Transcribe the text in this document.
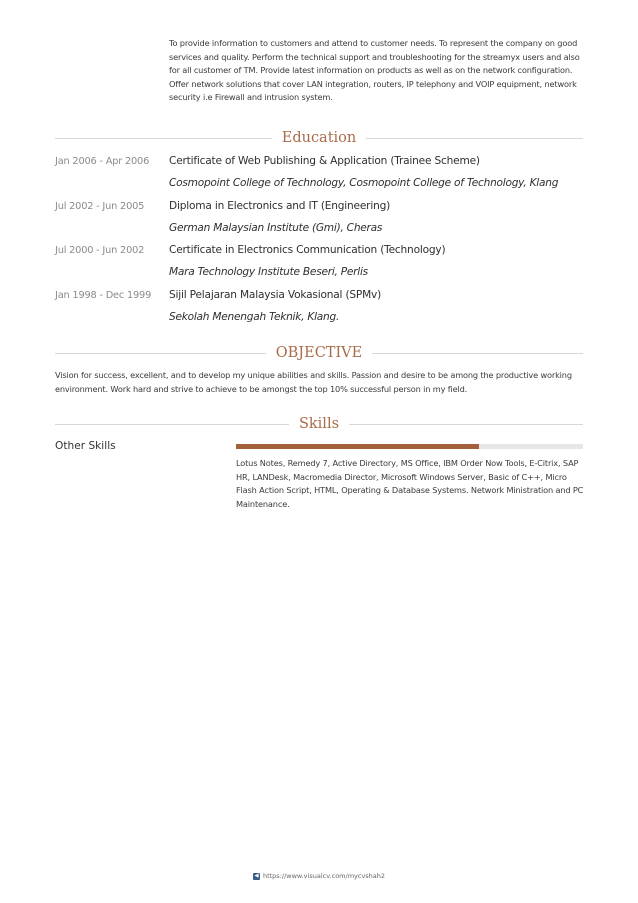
To provide information to customers and attend to customer needs. To represent the company on good services and quality. Perform the technical support and troubleshooting for the streamyx users and also for all customer of TM. Provide latest information on products as well as on the network configuration. Offer network solutions that cover LAN integration, routers, IP telephony and VOIP equipment, network security i.e Firewall and intrusion system.
Education
Jan 2006 - Apr 2006 Certificate of Web Publishing & Application (Trainee Scheme)
Cosmopoint College of Technology, Cosmopoint College of Technology, Klang
Jul 2002 - Jun 2005 Diploma in Electronics and IT (Engineering)
German Malaysian Institute (Gmi), Cheras
Jul 2000 - Jun 2002 Certificate in Electronics Communication (Technology)
Mara Technology Institute Beseri, Perlis
Jan 1998 - Dec 1999 Sijil Pelajaran Malaysia Vokasional (SPMv)
Sekolah Menengah Teknik, Klang.
OBJECTIVE
Vision for success, excellent, and to develop my unique abilities and skills. Passion and desire to be among the productive working environment. Work hard and strive to achieve to be amongst the top 10% successful person in my field.
Skills
Other Skills
Lotus Notes, Remedy 7, Active Directory, MS Office, IBM Order Now Tools, E-Citrix, SAP HR, LANDesk, Macromedia Director, Microsoft Windows Server, Basic of C++, Micro Flash Action Script, HTML, Operating & Database Systems. Network Ministration and PC Maintenance.
◀ https://www.visualcv.com/mycvshah2
